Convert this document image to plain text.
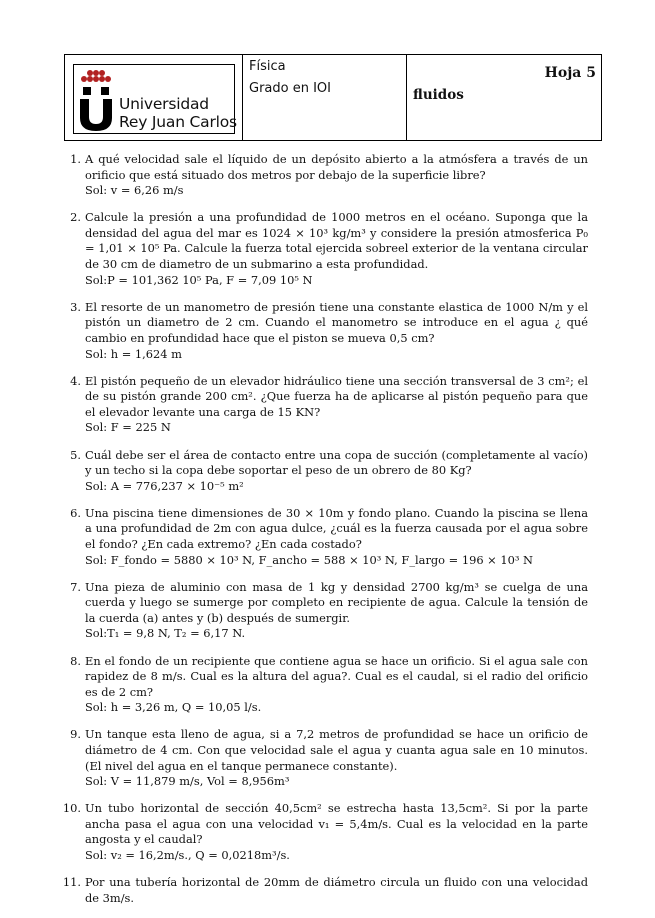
Universidad
Rey Juan Carlos
Física
Grado en IOI	fluidos
Hoja 5
1. A qué velocidad sale el líquido de un depósito abierto a la atmósfera a través de un orificio que está situado dos metros por debajo de la superficie libre?
Sol: v = 6,26 m/s
2. Calcule la presión a una profundidad de 1000 metros en el océano. Suponga que la densidad del agua del mar es 1024 × 10³ kg/m³ y considere la presión atmosferica P₀ = 1,01 × 10⁵ Pa. Calcule la fuerza total ejercida sobreel exterior de la ventana circular de 30 cm de diametro de un submarino a esta profundidad.
Sol:P = 101,362 10⁵ Pa, F = 7,09 10⁵ N
3. El resorte de un manometro de presión tiene una constante elastica de 1000 N/m y el pistón un diametro de 2 cm. Cuando el manometro se introduce en el agua ¿ qué cambio en profundidad hace que el piston se mueva 0,5 cm?
Sol: h = 1,624 m
4. El pistón pequeño de un elevador hidráulico tiene una sección transversal de 3 cm²; el de su pistón grande 200 cm². ¿Que fuerza ha de aplicarse al pistón pequeño para que el elevador levante una carga de 15 KN?
Sol: F = 225 N
5. Cuál debe ser el área de contacto entre una copa de succión (completamente al vacío) y un techo si la copa debe soportar el peso de un obrero de 80 Kg?
Sol: A = 776,237 × 10⁻⁵ m²
6. Una piscina tiene dimensiones de 30 × 10m y fondo plano. Cuando la piscina se llena a una profundidad de 2m con agua dulce, ¿cuál es la fuerza causada por el agua sobre el fondo? ¿En cada extremo? ¿En cada costado?
Sol: F_fondo = 5880 × 10³ N, F_ancho = 588 × 10³ N, F_largo = 196 × 10³ N
7. Una pieza de aluminio con masa de 1 kg y densidad 2700 kg/m³ se cuelga de una cuerda y luego se sumerge por completo en recipiente de agua. Calcule la tensión de la cuerda (a) antes y (b) después de sumergir.
Sol:T₁ = 9,8 N, T₂ = 6,17 N.
8. En el fondo de un recipiente que contiene agua se hace un orificio. Si el agua sale con rapidez de 8 m/s. Cual es la altura del agua?. Cual es el caudal, si el radio del orificio es de 2 cm?
Sol: h = 3,26 m, Q = 10,05 l/s.
9. Un tanque esta lleno de agua, si a 7,2 metros de profundidad se hace un orificio de diámetro de 4 cm. Con que velocidad sale el agua y cuanta agua sale en 10 minutos. (El nivel del agua en el tanque permanece constante).
Sol: V = 11,879 m/s, Vol = 8,956m³
10. Un tubo horizontal de sección 40,5cm² se estrecha hasta 13,5cm². Si por la parte ancha pasa el agua con una velocidad v₁ = 5,4m/s. Cual es la velocidad en la parte angosta y el caudal?
Sol: v₂ = 16,2m/s., Q = 0,0218m³/s.
11. Por una tubería horizontal de 20mm de diámetro circula un fluido con una velocidad de 3m/s.
